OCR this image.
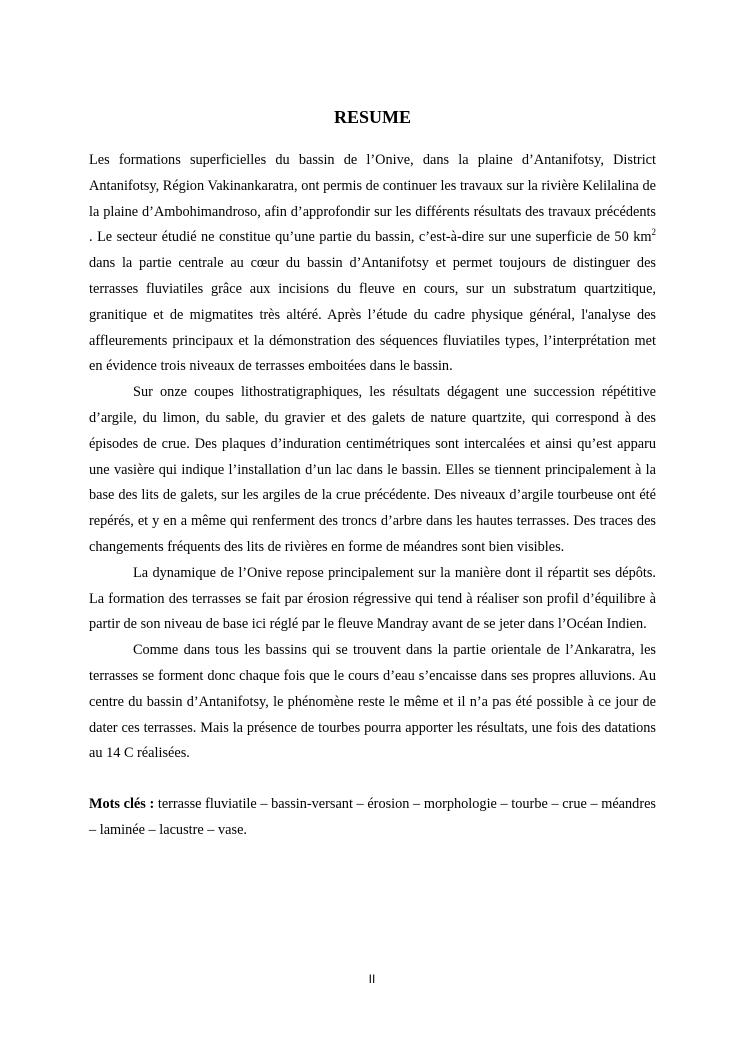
RESUME

Les formations superficielles du bassin de l’Onive, dans la plaine d’Antanifotsy, District Antanifotsy, Région Vakinankaratra, ont permis de continuer les travaux sur la rivière Kelilalina de la plaine d’Ambohimandroso, afin d’approfondir sur les différents résultats des travaux précédents . Le secteur étudié ne constitue qu’une partie du bassin, c’est-à-dire sur une superficie de 50 $km^2$ dans la partie centrale au cœur du bassin d’Antanifotsy et permet toujours de distinguer des terrasses fluviatiles grâce aux incisions du fleuve en cours, sur un substratum quartzitique, granitique et de migmatites très altéré. Après l’étude du cadre physique général, l'analyse des affleurements principaux et la démonstration des séquences fluviatiles types, l’interprétation met en évidence trois niveaux de terrasses emboitées dans le bassin.

Sur onze coupes lithostratigraphiques, les résultats dégagent une succession répétitive d’argile, du limon, du sable, du gravier et des galets de nature quartzite, qui correspond à des épisodes de crue. Des plaques d’induration centimétriques sont intercalées et ainsi qu’est apparu une vasière qui indique l’installation d’un lac dans le bassin. Elles se tiennent principalement à la base des lits de galets, sur les argiles de la crue précédente. Des niveaux d’argile tourbeuse ont été repérés, et y en a même qui renferment des troncs d’arbre dans les hautes terrasses. Des traces des changements fréquents des lits de rivières en forme de méandres sont bien visibles.

La dynamique de l’Onive repose principalement sur la manière dont il répartit ses dépôts. La formation des terrasses se fait par érosion régressive qui tend à réaliser son profil d’équilibre à partir de son niveau de base ici réglé par le fleuve Mandray avant de se jeter dans l’Océan Indien.

Comme dans tous les bassins qui se trouvent dans la partie orientale de l’Ankaratra, les terrasses se forment donc chaque fois que le cours d’eau s’encaisse dans ses propres alluvions. Au centre du bassin d’Antanifotsy, le phénomène reste le même et il n’a pas été possible à ce jour de dater ces terrasses. Mais la présence de tourbes pourra apporter les résultats, une fois des datations au 14 C réalisées.

Mots clés : terrasse fluviatile – bassin-versant – érosion – morphologie – tourbe – crue – méandres – laminée – lacustre – vase.

II
